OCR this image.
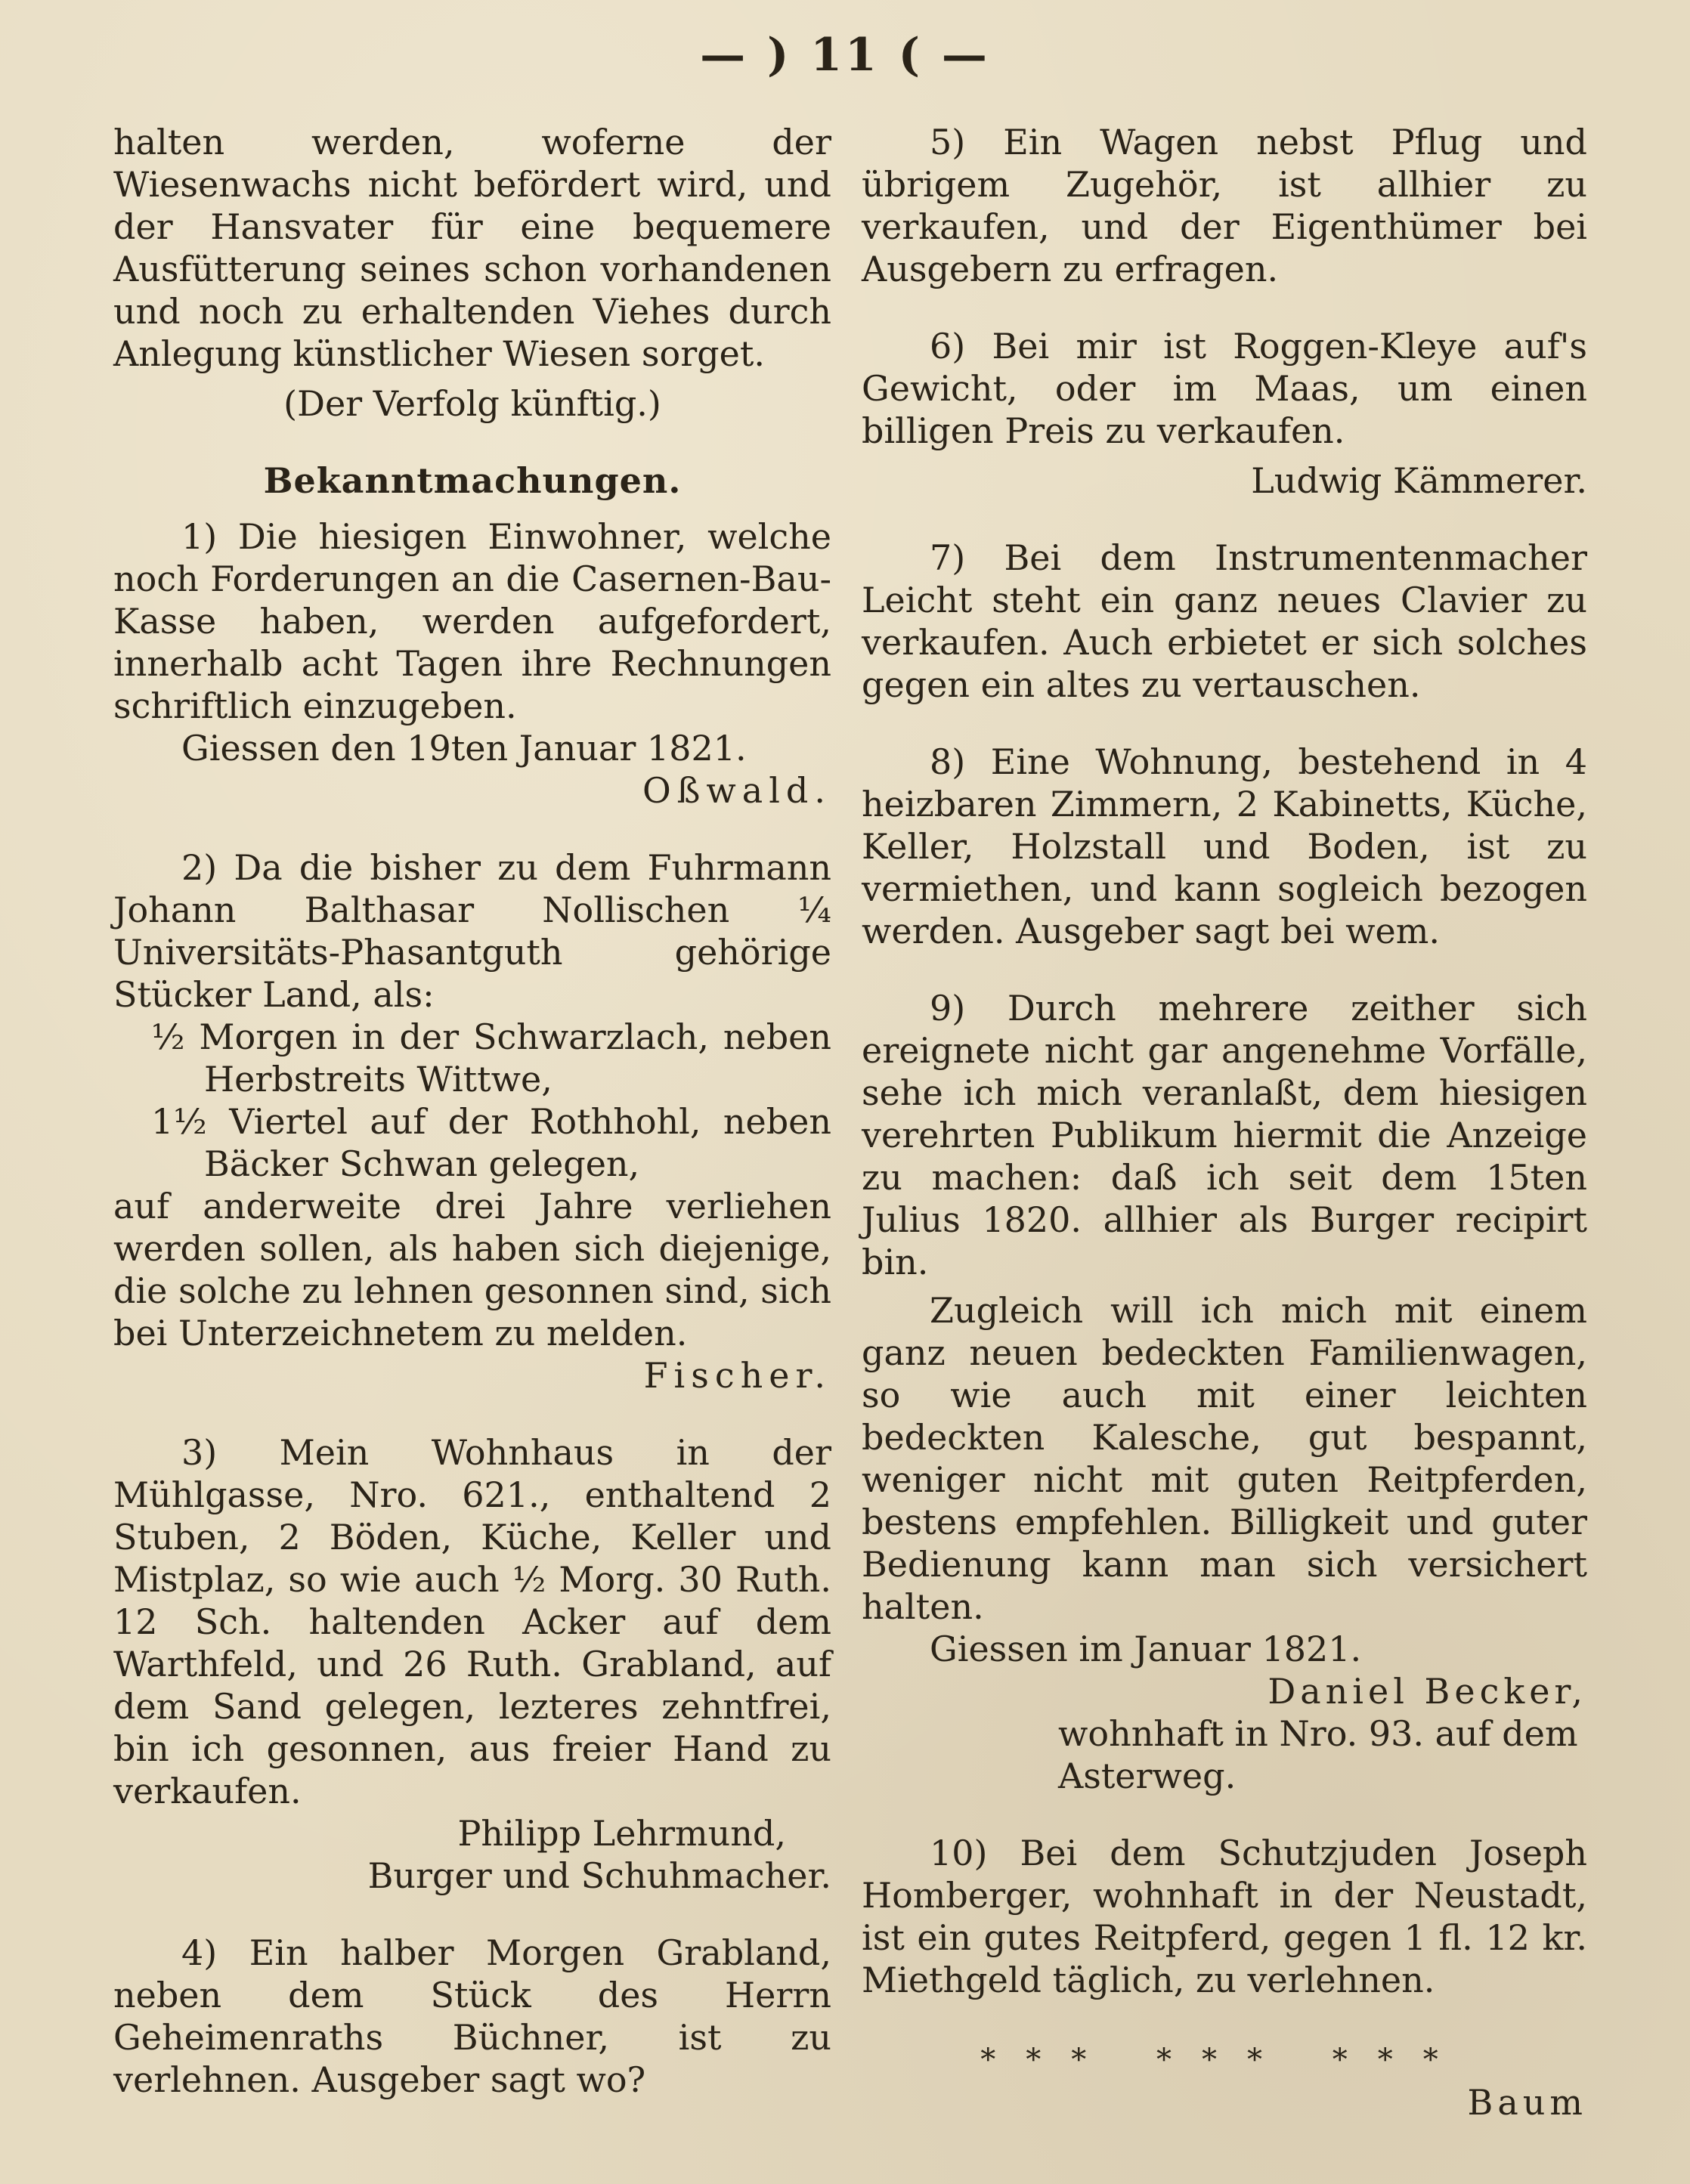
— ) 11 ( —

halten werden, woferne der Wiesenwachs nicht befördert wird, und der Hansvater für eine bequemere Ausfütterung seines schon vorhandenen und noch zu erhaltenden Viehes durch Anlegung künstlicher Wiesen sorget.

(Der Verfolg künftig.)

Bekanntmachungen.

1) Die hiesigen Einwohner, welche noch Forderungen an die Casernen-Bau-Kasse haben, werden aufgefordert, innerhalb acht Tagen ihre Rechnungen schriftlich einzugeben.

Giessen den 19ten Januar 1821.

Oßwald.

2) Da die bisher zu dem Fuhrmann Johann Balthasar Nollischen ¼ Universitäts-Phasantguth gehörige Stücker Land, als:

½ Morgen in der Schwarzlach, neben Herbstreits Wittwe,

1½ Viertel auf der Rothhohl, neben Bäcker Schwan gelegen,

auf anderweite drei Jahre verliehen werden sollen, als haben sich diejenige, die solche zu lehnen gesonnen sind, sich bei Unterzeichnetem zu melden.

Fischer.

3) Mein Wohnhaus in der Mühlgasse, Nro. 621., enthaltend 2 Stuben, 2 Böden, Küche, Keller und Mistplaz, so wie auch ½ Morg. 30 Ruth. 12 Sch. haltenden Acker auf dem Warthfeld, und 26 Ruth. Grabland, auf dem Sand gelegen, lezteres zehntfrei, bin ich gesonnen, aus freier Hand zu verkaufen.

Philipp Lehrmund,

Burger und Schuhmacher.

4) Ein halber Morgen Grabland, neben dem Stück des Herrn Geheimenraths Büchner, ist zu verlehnen. Ausgeber sagt wo?

5) Ein Wagen nebst Pflug und übrigem Zugehör, ist allhier zu verkaufen, und der Eigenthümer bei Ausgebern zu erfragen.

6) Bei mir ist Roggen-Kleye auf's Gewicht, oder im Maas, um einen billigen Preis zu verkaufen.

Ludwig Kämmerer.

7) Bei dem Instrumentenmacher Leicht steht ein ganz neues Clavier zu verkaufen. Auch erbietet er sich solches gegen ein altes zu vertauschen.

8) Eine Wohnung, bestehend in 4 heizbaren Zimmern, 2 Kabinetts, Küche, Keller, Holzstall und Boden, ist zu vermiethen, und kann sogleich bezogen werden. Ausgeber sagt bei wem.

9) Durch mehrere zeither sich ereignete nicht gar angenehme Vorfälle, sehe ich mich veranlaßt, dem hiesigen verehrten Publikum hiermit die Anzeige zu machen: daß ich seit dem 15ten Julius 1820. allhier als Burger recipirt bin.

Zugleich will ich mich mit einem ganz neuen bedeckten Familienwagen, so wie auch mit einer leichten bedeckten Kalesche, gut bespannt, weniger nicht mit guten Reitpferden, bestens empfehlen. Billigkeit und guter Bedienung kann man sich versichert halten.

Giessen im Januar 1821.

Daniel Becker,

wohnhaft in Nro. 93. auf dem Asterweg.

10) Bei dem Schutzjuden Joseph Homberger, wohnhaft in der Neustadt, ist ein gutes Reitpferd, gegen 1 fl. 12 kr. Miethgeld täglich, zu verlehnen.

*** *** ***

Baum
